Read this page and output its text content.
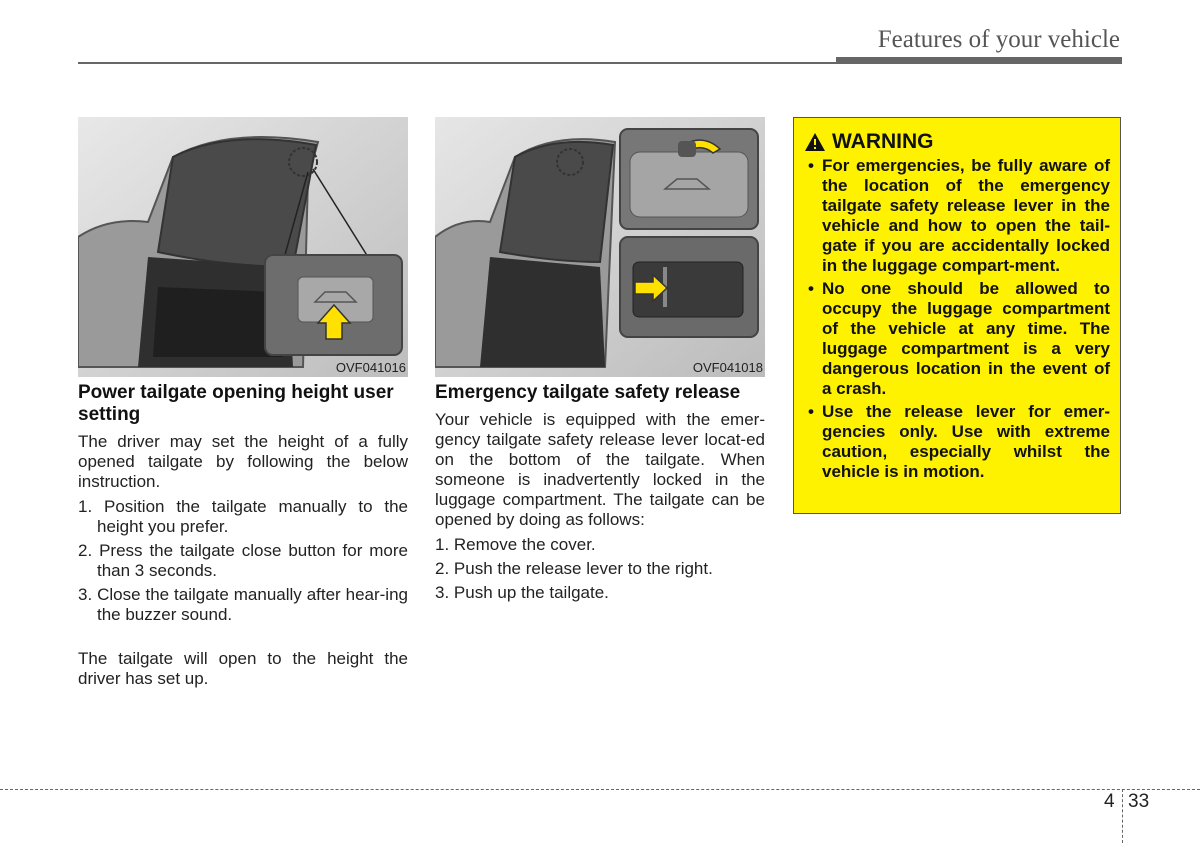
Features of your vehicle
OVF041016
Power tailgate opening height user setting

The driver may set the height of a fully opened tailgate by following the below instruction.

1. Position the tailgate manually to the height you prefer.
2. Press the tailgate close button for more than 3 seconds.
3. Close the tailgate manually after hear-ing the buzzer sound.

The tailgate will open to the height the driver has set up.

OVF041018
Emergency tailgate safety release

Your vehicle is equipped with the emer-gency tailgate safety release lever locat-ed on the bottom of the tailgate. When someone is inadvertently locked in the luggage compartment. The tailgate can be opened by doing as follows:

1. Remove the cover.
2. Push the release lever to the right.
3. Push up the tailgate.
WARNING
• For emergencies, be fully aware of the location of the emergency tailgate safety release lever in the vehicle and how to open the tail-gate if you are accidentally locked in the luggage compart-ment.
• No one should be allowed to occupy the luggage compartment of the vehicle at any time. The luggage compartment is a very dangerous location in the event of a crash.
• Use the release lever for emer-gencies only. Use with extreme caution, especially whilst the vehicle is in motion.
4 33
